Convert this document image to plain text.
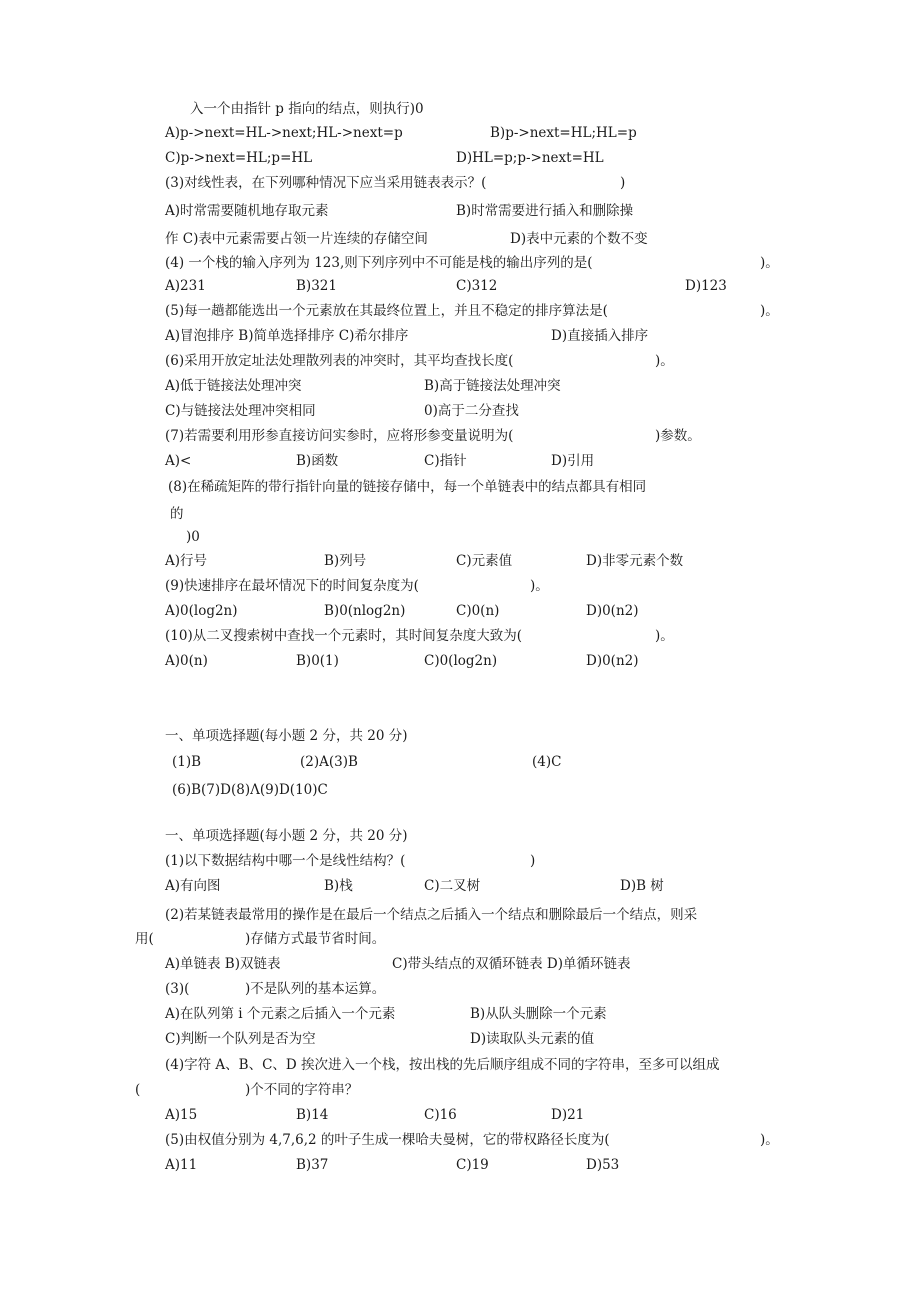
入一个由指针 p 指向的结点，则执行)0
A)p->next=HL->next;HL->next=p	B)p->next=HL;HL=p
C)p->next=HL;p=HL	D)HL=p;p->next=HL
(3)对线性表，在下列哪种情况下应当采用链表表示？(	)
A)时常需要随机地存取元素	B)时常需要进行插入和删除操
作 C)表中元素需要占领一片连续的存储空间	D)表中元素的个数不变
(4) 一个栈的输入序列为 123,则下列序列中不可能是栈的输出序列的是(	)。
A)231	B)321	C)312	D)123
(5)每一趟都能选出一个元素放在其最终位置上，并且不稳定的排序算法是(	)。
A)冒泡排序 B)简单选择排序 C)希尔排序	D)直接插入排序
(6)采用开放定址法处理散列表的冲突时，其平均查找长度(	)。
A)低于链接法处理冲突	B)高于链接法处理冲突
C)与链接法处理冲突相同	0)高于二分查找
(7)若需要利用形参直接访问实参时，应将形参变量说明为(	)参数。
A)<	B)函数	C)指针	D)引用
(8)在稀疏矩阵的带行指针向量的链接存储中，每一个单链表中的结点都具有相同
的
)0
A)行号	B)列号	C)元素值	D)非零元素个数
(9)快速排序在最坏情况下的时间复杂度为(	)。
A)0(log2n)	B)0(nlog2n)	C)0(n)	D)0(n2)
(10)从二叉搜索树中查找一个元素时，其时间复杂度大致为(	)。
A)0(n)	B)0(1)	C)0(log2n)	D)0(n2)
一、单项选择题(每小题 2 分，共 20 分)
(1)B	(2)A(3)B	(4)C
(6)B(7)D(8)Λ(9)D(10)C
一、单项选择题(每小题 2 分，共 20 分)
(1)以下数据结构中哪一个是线性结构？(	)
A)有向图	B)栈	C)二叉树	D)B 树
(2)若某链表最常用的操作是在最后一个结点之后插入一个结点和删除最后一个结点，则采
用(	)存储方式最节省时间。
A)单链表 B)双链表	C)带头结点的双循环链表 D)单循环链表
(3)(	)不是队列的基本运算。
A)在队列第 i 个元素之后插入一个元素	B)从队头删除一个元素
C)判断一个队列是否为空	D)读取队头元素的值
(4)字符 A、B、C、D 挨次进入一个栈，按出栈的先后顺序组成不同的字符串，至多可以组成
(	)个不同的字符串？
A)15	B)14	C)16	D)21
(5)由权值分别为 4,7,6,2 的叶子生成一棵哈夫曼树，它的带权路径长度为(	)。
A)11	B)37	C)19	D)53
